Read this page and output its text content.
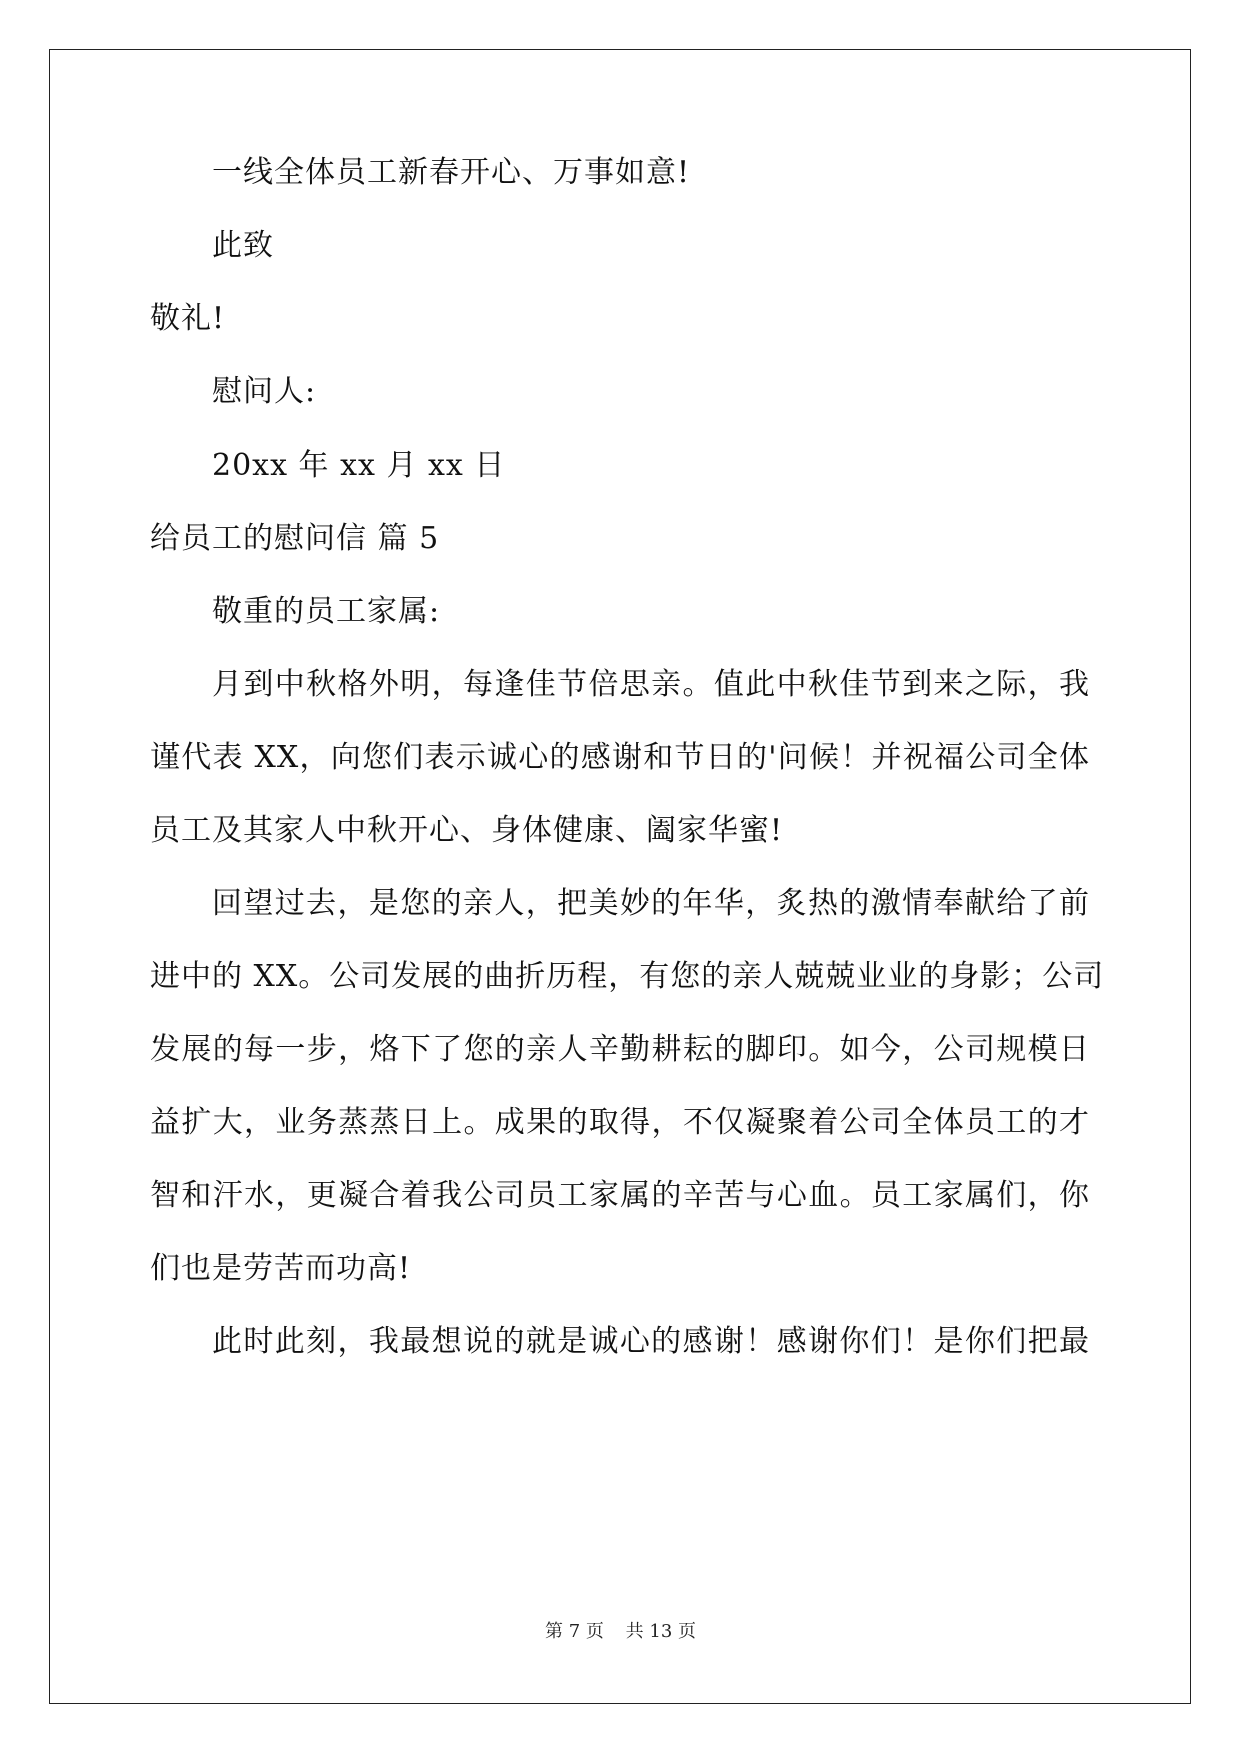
一线全体员工新春开心、万事如意!
此致
敬礼!
慰问人:
20xx 年 xx 月 xx 日
给员工的慰问信 篇 5
敬重的员工家属:
月到中秋格外明，每逢佳节倍思亲。值此中秋佳节到来之际，我
谨代表 XX，向您们表示诚心的感谢和节日的'问候！并祝福公司全体
员工及其家人中秋开心、身体健康、阖家华蜜!
回望过去，是您的亲人，把美妙的年华，炙热的激情奉献给了前
进中的 XX。公司发展的曲折历程，有您的亲人兢兢业业的身影；公司
发展的每一步，烙下了您的亲人辛勤耕耘的脚印。如今，公司规模日
益扩大，业务蒸蒸日上。成果的取得，不仅凝聚着公司全体员工的才
智和汗水，更凝合着我公司员工家属的辛苦与心血。员工家属们，你
们也是劳苦而功高!
此时此刻，我最想说的就是诚心的感谢！感谢你们！是你们把最
第 7 页 共 13 页
